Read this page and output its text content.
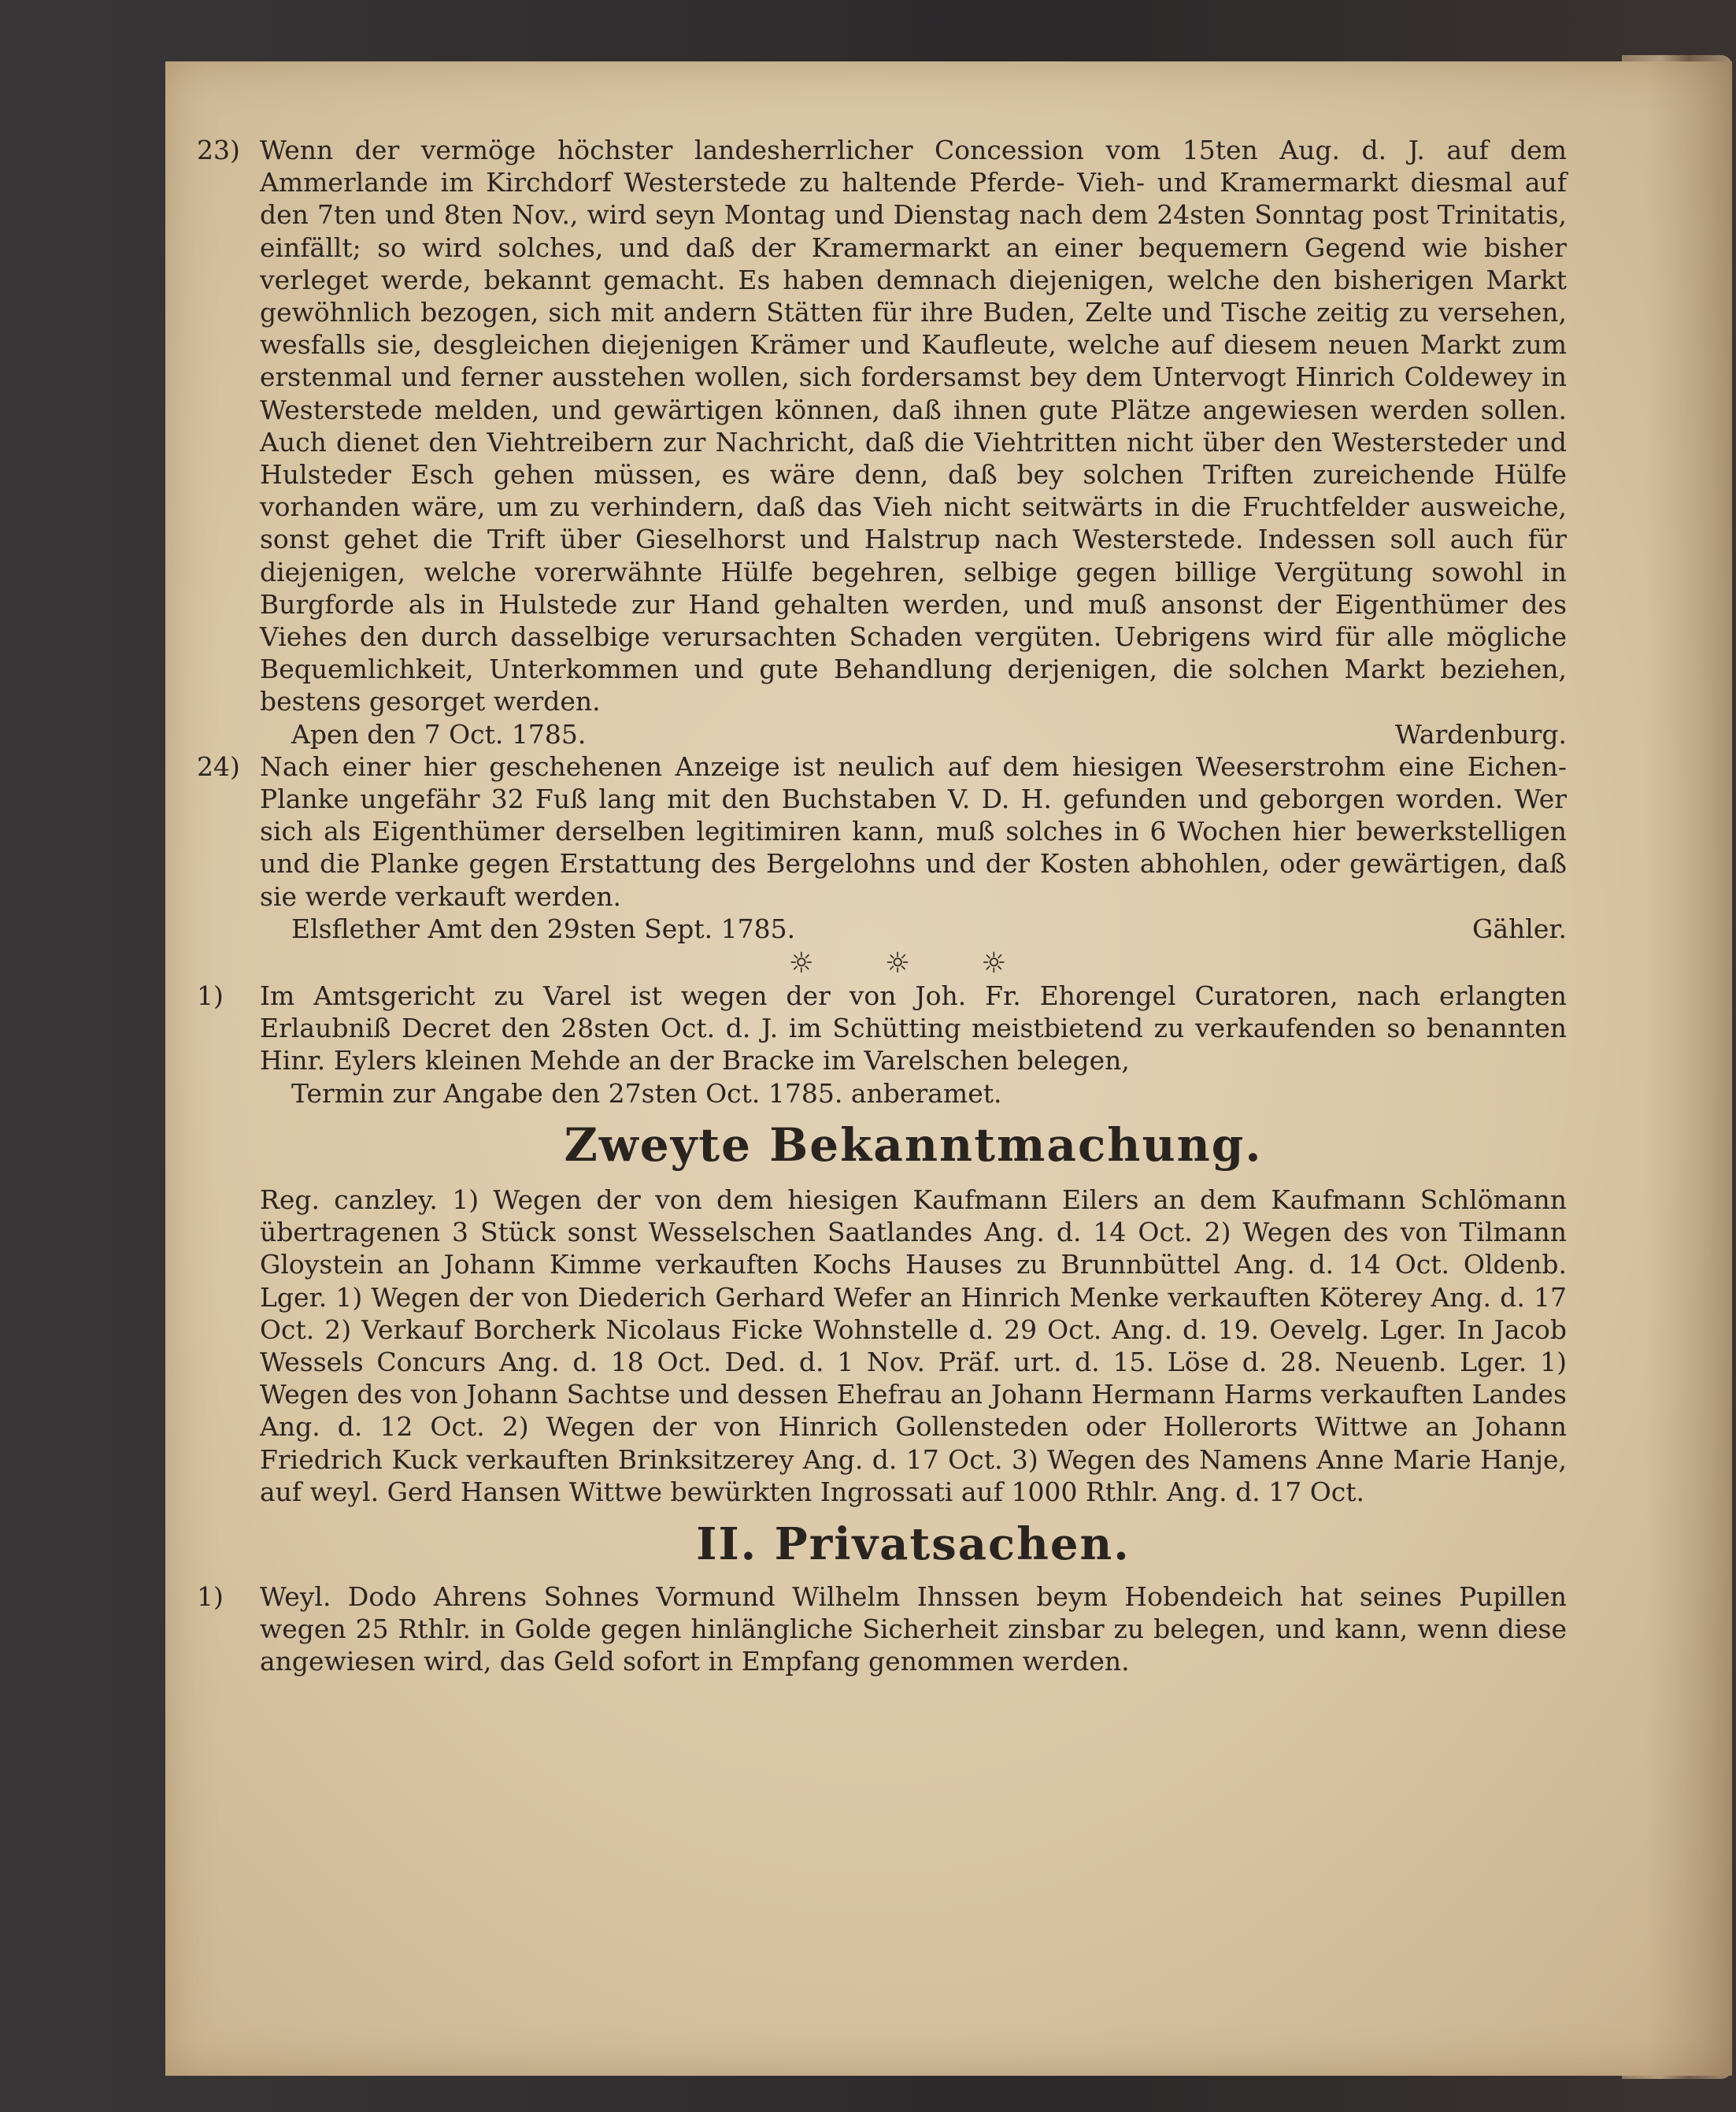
23) Wenn der vermöge höchster landesherrlicher Concession vom 15ten Aug. d. J. auf dem Ammerlande im Kirchdorf Westerstede zu haltende Pferde- Vieh- und Kramermarkt diesmal auf den 7ten und 8ten Nov., wird seyn Montag und Dienstag nach dem 24sten Sonntag post Trinitatis, einfällt; so wird solches, und daß der Kramermarkt an einer bequemern Gegend wie bisher verleget werde, bekannt gemacht. Es haben demnach diejenigen, welche den bisherigen Markt gewöhnlich bezogen, sich mit andern Stätten für ihre Buden, Zelte und Tische zeitig zu versehen, wesfalls sie, desgleichen diejenigen Krämer und Kaufleute, welche auf diesem neuen Markt zum erstenmal und ferner ausstehen wollen, sich fordersamst bey dem Untervogt Hinrich Coldewey in Westerstede melden, und gewärtigen können, daß ihnen gute Plätze angewiesen werden sollen. Auch dienet den Viehtreibern zur Nachricht, daß die Viehtritten nicht über den Westersteder und Hulsteder Esch gehen müssen, es wäre denn, daß bey solchen Triften zureichende Hülfe vorhanden wäre, um zu verhindern, daß das Vieh nicht seitwärts in die Fruchtfelder ausweiche, sonst gehet die Trift über Gieselhorst und Halstrup nach Westerstede. Indessen soll auch für diejenigen, welche vorerwähnte Hülfe begehren, selbige gegen billige Vergütung sowohl in Burgforde als in Hulstede zur Hand gehalten werden, und muß ansonst der Eigenthümer des Viehes den durch dasselbige verursachten Schaden vergüten. Uebrigens wird für alle mögliche Bequemlichkeit, Unterkommen und gute Behandlung derjenigen, die solchen Markt beziehen, bestens gesorget werden.

Apen den 7 Oct. 1785.	Wardenburg.
24) Nach einer hier geschehenen Anzeige ist neulich auf dem hiesigen Weeserstrohm eine Eichen-Planke ungefähr 32 Fuß lang mit den Buchstaben V. D. H. gefunden und geborgen worden. Wer sich als Eigenthümer derselben legitimiren kann, muß solches in 6 Wochen hier bewerkstelligen und die Planke gegen Erstattung des Bergelohns und der Kosten abhohlen, oder gewärtigen, daß sie werde verkauft werden.

Elsflether Amt den 29sten Sept. 1785.	Gähler.
☼	☼	☼
1) Im Amtsgericht zu Varel ist wegen der von Joh. Fr. Ehorengel Curatoren, nach erlangten Erlaubniß Decret den 28sten Oct. d. J. im Schütting meistbietend zu verkaufenden so benannten Hinr. Eylers kleinen Mehde an der Bracke im Varelschen belegen,

Termin zur Angabe den 27sten Oct. 1785. anberamet.

Zweyte Bekanntmachung.

Reg. canzley. 1) Wegen der von dem hiesigen Kaufmann Eilers an dem Kaufmann Schlömann übertragenen 3 Stück sonst Wesselschen Saatlandes Ang. d. 14 Oct. 2) Wegen des von Tilmann Gloystein an Johann Kimme verkauften Kochs Hauses zu Brunnbüttel Ang. d. 14 Oct. Oldenb. Lger. 1) Wegen der von Diederich Gerhard Wefer an Hinrich Menke verkauften Köterey Ang. d. 17 Oct. 2) Verkauf Borcherk Nicolaus Ficke Wohnstelle d. 29 Oct. Ang. d. 19. Oevelg. Lger. In Jacob Wessels Concurs Ang. d. 18 Oct. Ded. d. 1 Nov. Präf. urt. d. 15. Löse d. 28. Neuenb. Lger. 1) Wegen des von Johann Sachtse und dessen Ehefrau an Johann Hermann Harms verkauften Landes Ang. d. 12 Oct. 2) Wegen der von Hinrich Gollensteden oder Hollerorts Wittwe an Johann Friedrich Kuck verkauften Brinksitzerey Ang. d. 17 Oct. 3) Wegen des Namens Anne Marie Hanje, auf weyl. Gerd Hansen Wittwe bewürkten Ingrossati auf 1000 Rthlr. Ang. d. 17 Oct.

II. Privatsachen.
1) Weyl. Dodo Ahrens Sohnes Vormund Wilhelm Ihnssen beym Hobendeich hat seines Pupillen wegen 25 Rthlr. in Golde gegen hinlängliche Sicherheit zinsbar zu belegen, und kann, wenn diese angewiesen wird, das Geld sofort in Empfang genommen werden.
